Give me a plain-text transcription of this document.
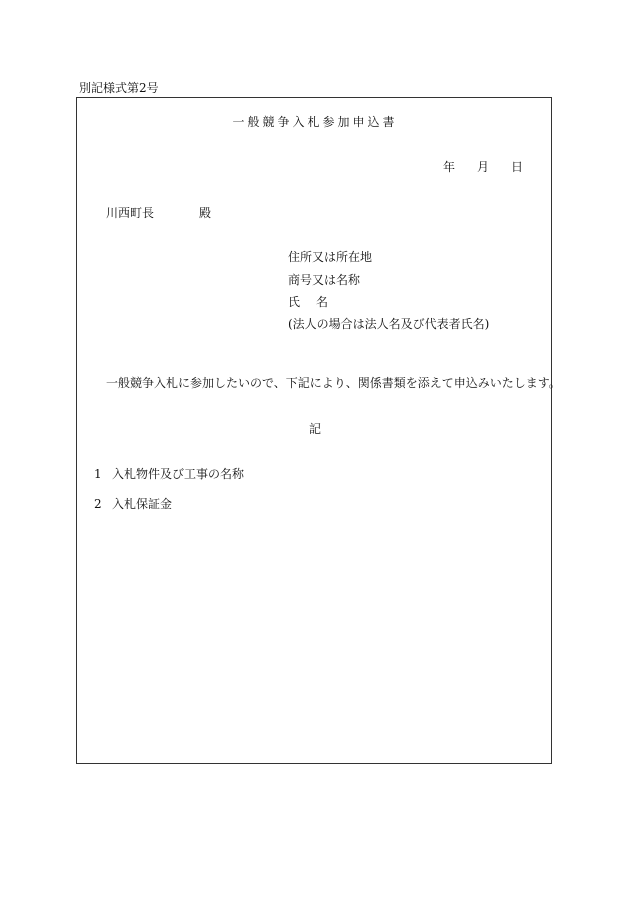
別記様式第2号
一般競争入札参加申込書
年 月 日
川西町長	殿
住所又は所在地
商号又は名称
氏 名
(法人の場合は法人名及び代表者氏名)
一般競争入札に参加したいので、下記により、関係書類を添えて申込みいたします。
記
1 入札物件及び工事の名称
2 入札保証金
